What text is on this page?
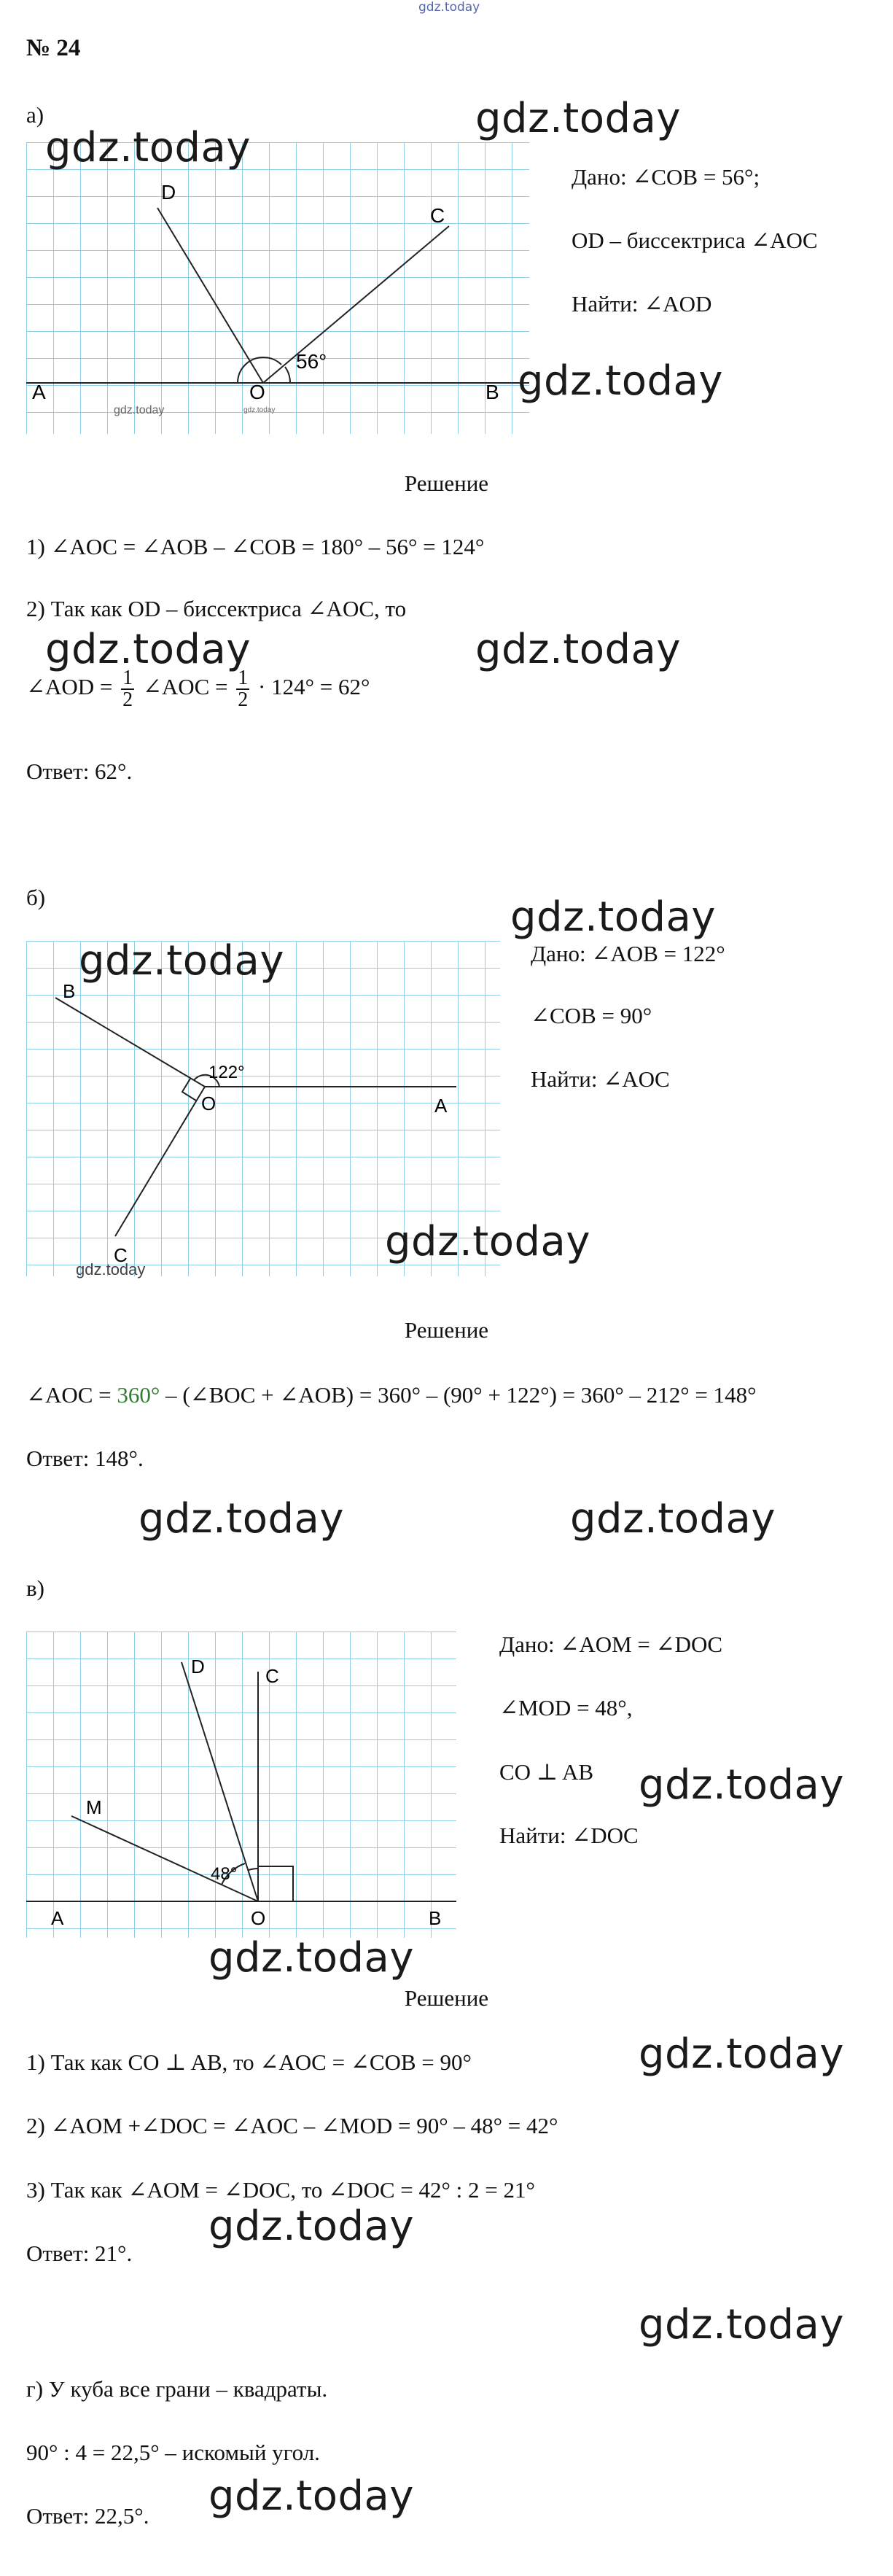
gdz.today
№ 24
а)
A	B
O
C
D
56°
gdz.today	gdz.today
Дано: ∠COB = 56°;
OD – биссектриса ∠AOC
Найти: ∠AOD
Решение
1) ∠AOC = ∠AOB – ∠COB = 180° – 56° = 124°
2) Так как OD – биссектриса ∠AOC, то
∠AOD = $\frac{1}{2}$ ∠AOC = $\frac{1}{2} \cdot 124^\circ = 62^\circ$
Ответ: 62°.
б)
A
B
O
C
122°
gdz.today
Дано: ∠AOB = 122°
∠COB = 90°
Найти: ∠AOC
Решение
∠AOC = 360° – (∠BOC + ∠AOB) = 360° – (90° + 122°) = 360° – 212° = 148°
Ответ: 148°.
в)
A	B
O
C
D
M
48°
Дано: ∠AOM = ∠DOC
∠MOD = 48°,
CO ⊥ AB
Найти: ∠DOC
Решение
1) Так как CO ⊥ AB, то ∠AOC = ∠COB = 90°
2) ∠AOM +∠DOC = ∠AOC – ∠MOD = 90° – 48° = 42°
3) Так как ∠AOM = ∠DOC, то ∠DOC = 42° : 2 = 21°
Ответ: 21°.
г) У куба все грани – квадраты.
90° : 4 = 22,5° – искомый угол.
Ответ: 22,5°.
gdz.today
gdz.today
gdz.today
gdz.today	gdz.today
gdz.today
gdz.today
gdz.today
gdz.today	gdz.today
gdz.today
gdz.today
gdz.today
gdz.today
gdz.today
gdz.today
